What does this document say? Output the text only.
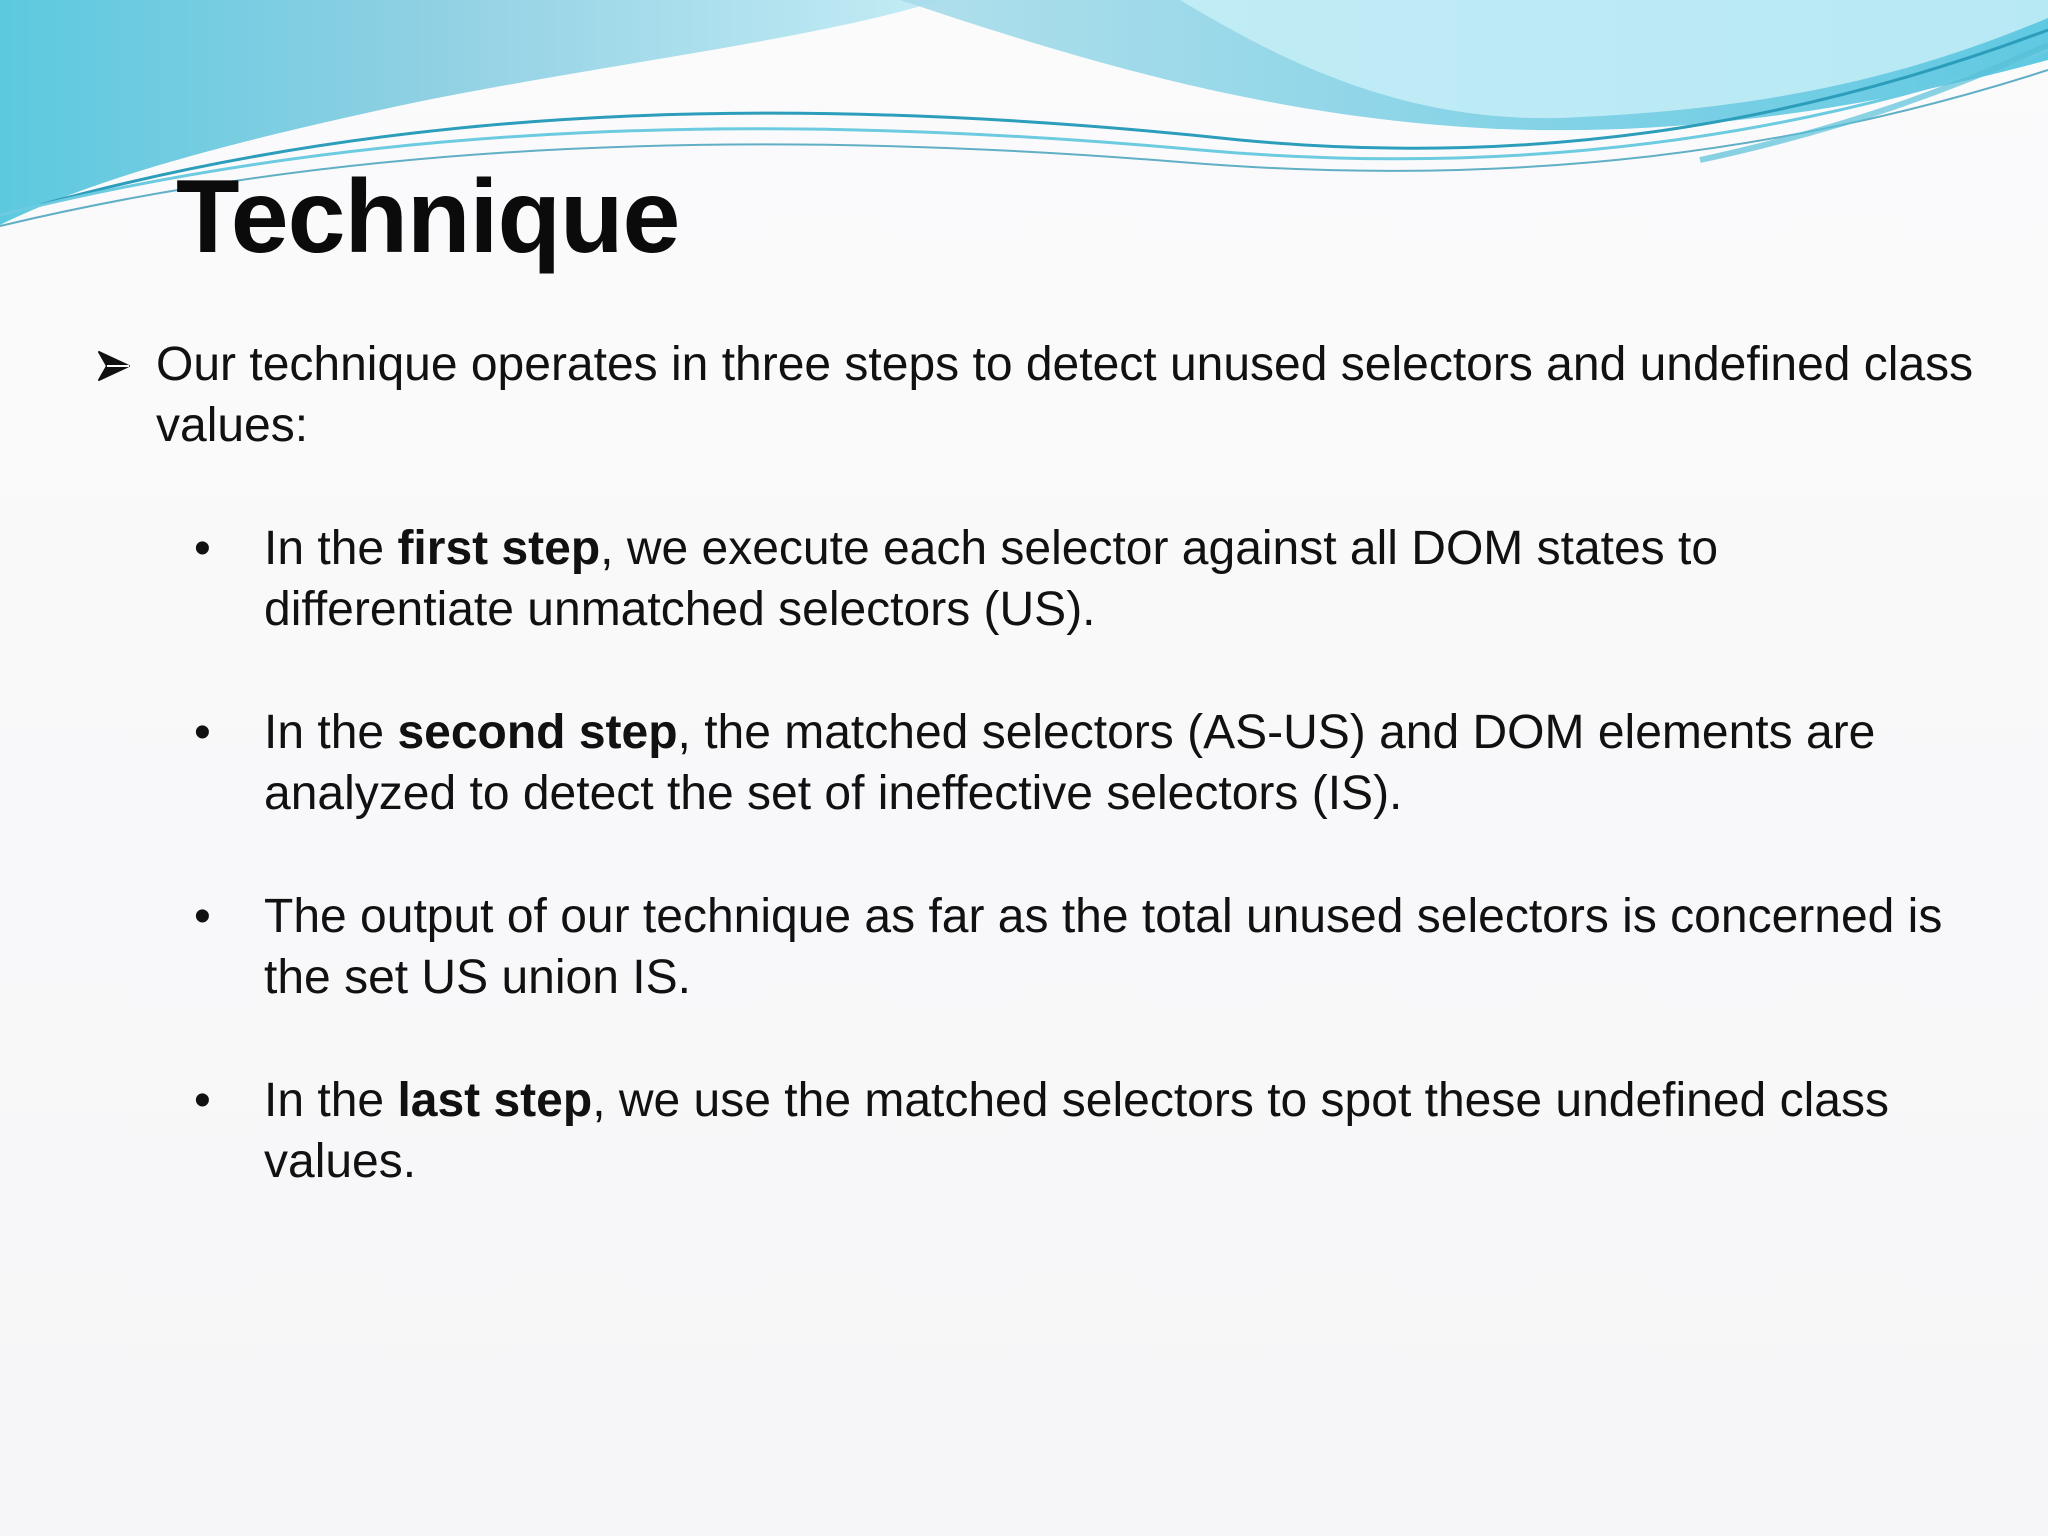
Technique
Our technique operates in three steps to detect unused selectors and undefined class values:
•	In the first step, we execute each selector against all DOM states to differentiate unmatched selectors (US).
•	In the second step, the matched selectors (AS-US) and DOM elements are analyzed to detect the set of ineffective selectors (IS).
•	The output of our technique as far as the total unused selectors is concerned is the set US union IS.
•	In the last step, we use the matched selectors to spot these undefined class values.
